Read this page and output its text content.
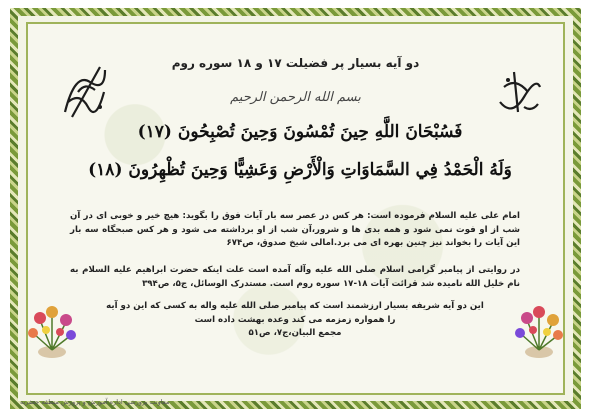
دو آیه بسیار پر فضیلت ۱۷ و ۱۸ سوره روم
بسم الله الرحمن الرحیم
فَسُبْحَانَ اللَّهِ حِينَ تُمْسُونَ وَحِينَ تُصْبِحُونَ (۱۷)
وَلَهُ الْحَمْدُ فِي السَّمَاوَاتِ وَالْأَرْضِ وَعَشِيًّا وَحِينَ تُظْهِرُونَ (۱۸)
امام علی علیه السلام فرموده است: هر کس در عصر سه بار آیات فوق را بگوید: هیچ خیر و خوبی ای در آن شب از او فوت نمی شود و همه بدی ها و شرور،آن شب از او برداشته می شود و هر کس صبحگاه سه بار این آیات را بخواند نیز چنین بهره ای می برد.امالی شیخ صدوق، ص۶۷۴
در روایتی از پیامبر گرامی اسلام صلی الله علیه وآله آمده است علت اینکه حضرت ابراهیم علیه السلام به نام خلیل الله نامیده شد قرائت آیات ۱۸-۱۷ سوره روم است. مستدرک الوسائل، ج۵، ص۳۹۴
این دو آیه شریفه بسیار ارزشمند است که پیامبر صلی الله علیه واله به کسی که این دو آیه
را همواره زمزمه می کند وعده بهشت داده است
مجمع البیان،ج۷، ص۵۱
معاونت پرورشی اداره آموزش و پرورش منطقه جعفریه
